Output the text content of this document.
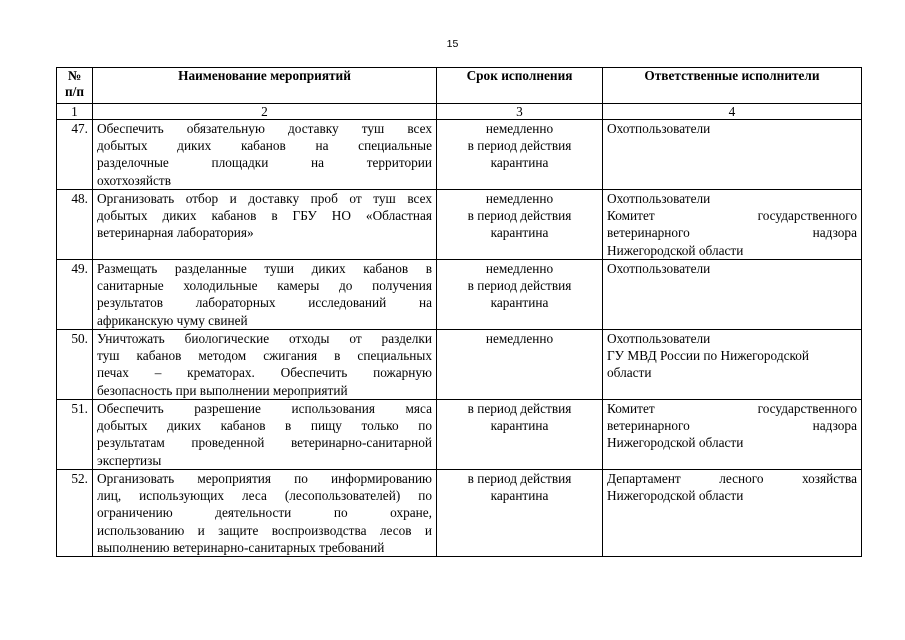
15
№
п/п	Наименование мероприятий	Срок исполнения	Ответственные исполнители
1	2	3	4
47.	Обеспечить обязательную доставку туш всех
добытых диких кабанов на специальные
разделочные площадки на территории
охотхозяйств	немедленно
в период действия
карантина	Охотпользователи

48.	Организовать отбор и доставку проб от туш всех
добытых диких кабанов в ГБУ НО «Областная
ветеринарная лаборатория»	немедленно
в период действия
карантина	Охотпользователи
Комитет государственного
ветеринарного надзора
Нижегородской области

49.	Размещать разделанные туши диких кабанов в
санитарные холодильные камеры до получения
результатов лабораторных исследований на
африканскую чуму свиней	немедленно
в период действия
карантина	Охотпользователи

50.	Уничтожать биологические отходы от разделки
туш кабанов методом сжигания в специальных
печах – крематорах. Обеспечить пожарную
безопасность при выполнении мероприятий	немедленно	Охотпользователи
ГУ МВД России по Нижегородской
области

51.	Обеспечить разрешение использования мяса
добытых диких кабанов в пищу только по
результатам проведенной ветеринарно-санитарной
экспертизы	в период действия
карантина	Комитет государственного
ветеринарного надзора
Нижегородской области

52.	Организовать мероприятия по информированию
лиц, использующих леса (лесопользователей) по
ограничению деятельности по охране,
использованию и защите воспроизводства лесов и
выполнению ветеринарно-санитарных требований	в период действия
карантина	Департамент лесного хозяйства
Нижегородской области
